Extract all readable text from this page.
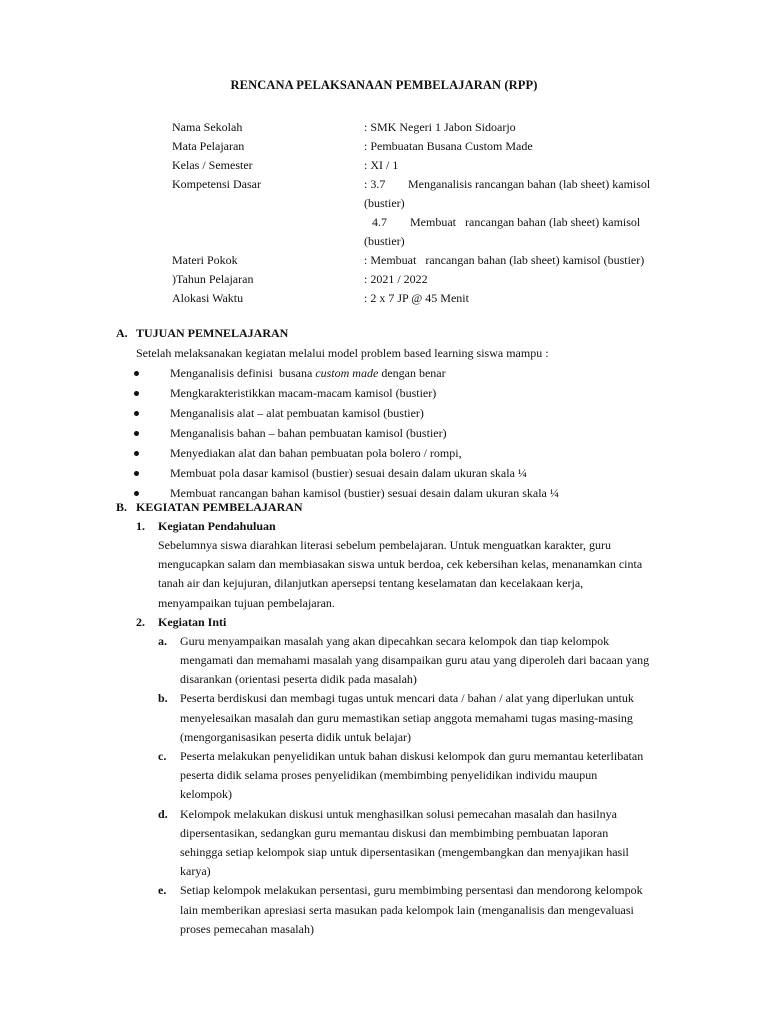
RENCANA PELAKSANAAN PEMBELAJARAN (RPP)
Nama Sekolah	: SMK Negeri 1 Jabon Sidoarjo
Mata Pelajaran	: Pembuatan Busana Custom Made
Kelas / Semester	: XI / 1
Kompetensi Dasar	: 3.7 Menganalisis rancangan bahan (lab sheet) kamisol
(bustier)
4.7 Membuat   rancangan bahan (lab sheet) kamisol
(bustier)
Materi Pokok	: Membuat   rancangan bahan (lab sheet) kamisol (bustier)
)Tahun Pelajaran	: 2021 / 2022
Alokasi Waktu	: 2 x 7 JP @ 45 Menit
A. TUJUAN PEMNELAJARAN
Setelah melaksanakan kegiatan melalui model problem based learning siswa mampu :
Menganalisis definisi  busana custom made dengan benar
Mengkarakteristikkan macam-macam kamisol (bustier)
Menganalisis alat – alat pembuatan kamisol (bustier)
Menganalisis bahan – bahan pembuatan kamisol (bustier)
Menyediakan alat dan bahan pembuatan pola bolero / rompi,
Membuat pola dasar kamisol (bustier) sesuai desain dalam ukuran skala ¼
Membuat rancangan bahan kamisol (bustier) sesuai desain dalam ukuran skala ¼
B. KEGIATAN PEMBELAJARAN
1.	Kegiatan Pendahuluan
Sebelumnya siswa diarahkan literasi sebelum pembelajaran. Untuk menguatkan karakter, guru
mengucapkan salam dan membiasakan siswa untuk berdoa, cek kebersihan kelas, menanamkan cinta
tanah air dan kejujuran, dilanjutkan apersepsi tentang keselamatan dan kecelakaan kerja,
menyampaikan tujuan pembelajaran.
2.	Kegiatan Inti
a.	Guru menyampaikan masalah yang akan dipecahkan secara kelompok dan tiap kelompok
mengamati dan memahami masalah yang disampaikan guru atau yang diperoleh dari bacaan yang
disarankan (orientasi peserta didik pada masalah)
b.	Peserta berdiskusi dan membagi tugas untuk mencari data / bahan / alat yang diperlukan untuk
menyelesaikan masalah dan guru memastikan setiap anggota memahami tugas masing-masing
(mengorganisasikan peserta didik untuk belajar)
c.	Peserta melakukan penyelidikan untuk bahan diskusi kelompok dan guru memantau keterlibatan
peserta didik selama proses penyelidikan (membimbing penyelidikan individu maupun
kelompok)
d.	Kelompok melakukan diskusi untuk menghasilkan solusi pemecahan masalah dan hasilnya
dipersentasikan, sedangkan guru memantau diskusi dan membimbing pembuatan laporan
sehingga setiap kelompok siap untuk dipersentasikan (mengembangkan dan menyajikan hasil
karya)
e.	Setiap kelompok melakukan persentasi, guru membimbing persentasi dan mendorong kelompok
lain memberikan apresiasi serta masukan pada kelompok lain (menganalisis dan mengevaluasi
proses pemecahan masalah)
